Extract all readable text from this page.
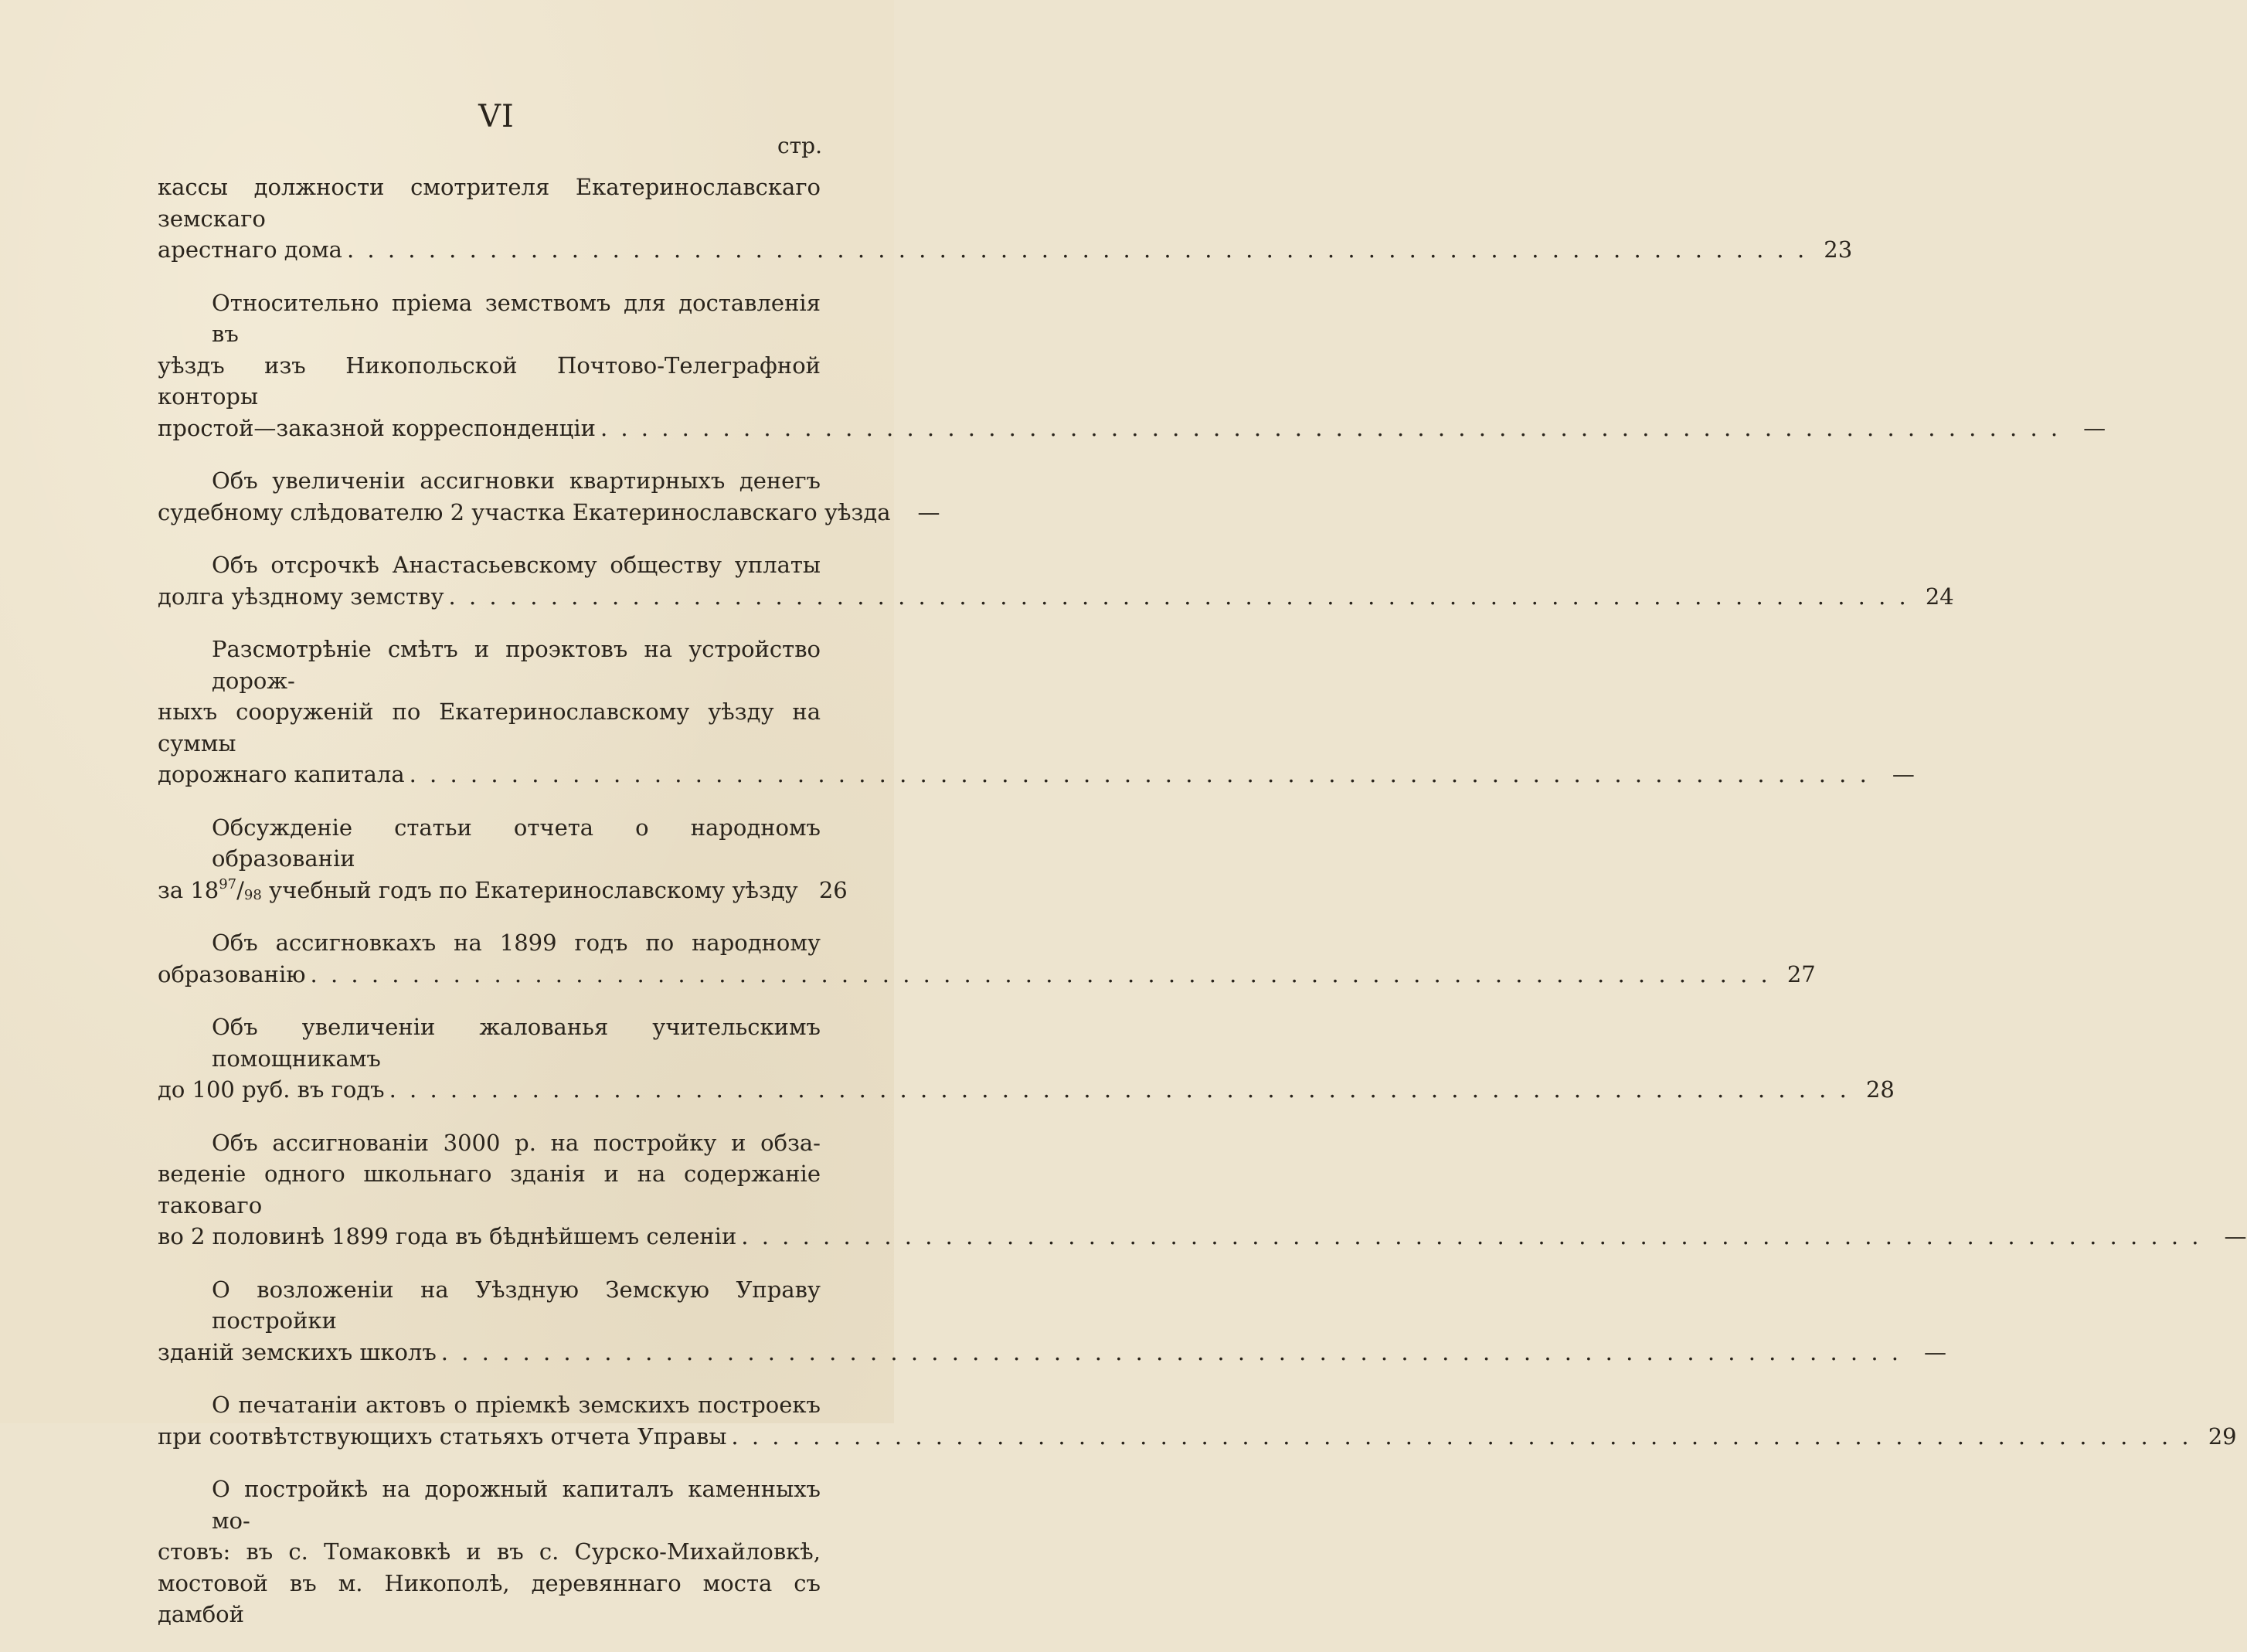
VI
стр.
кассы должности смотрителя Екатеринославскаго земскаго
арестнаго дома . . .	23
Относительно пріема земствомъ для доставленія въ
уѣздъ изъ Никопольской Почтово-Телеграфной конторы
простой—заказной корреспонденціи . . .	—
Объ увеличеніи ассигновки квартирныхъ денегъ
судебному слѣдователю 2 участка Екатеринославскаго уѣзда	—
Объ отсрочкѣ Анастасьевскому обществу уплаты
долга уѣздному земству . . .	24
Разсмотрѣніе смѣтъ и проэктовъ на устройство дорож-
ныхъ сооруженій по Екатеринославскому уѣзду на суммы
дорожнаго капитала . . .	—
Обсужденіе статьи отчета о народномъ образованіи
за $18^{97}/_{98}$ учебный годъ по Екатеринославскому уѣзду 26
Объ ассигновкахъ на 1899 годъ по народному
образованію . . .	27
Объ увеличеніи жалованья учительскимъ помощникамъ
до 100 руб. въ годъ . . .	28
Объ ассигнованіи 3000 р. на постройку и обза-
веденіе одного школьнаго зданія и на содержаніе таковаго
во 2 половинѣ 1899 года въ бѣднѣйшемъ селеніи . . .	—
О возложеніи на Уѣздную Земскую Управу постройки
зданій земскихъ школъ . . .	—
О печатаніи актовъ о пріемкѣ земскихъ построекъ
при соотвѣтствующихъ статьяхъ отчета Управы . . .	29
О постройкѣ на дорожный капиталъ каменныхъ мо-
стовъ: въ с. Томаковкѣ и въ с. Сурско-Михайловкѣ,
мостовой въ м. Никополѣ, деревяннаго моста съ дамбой
